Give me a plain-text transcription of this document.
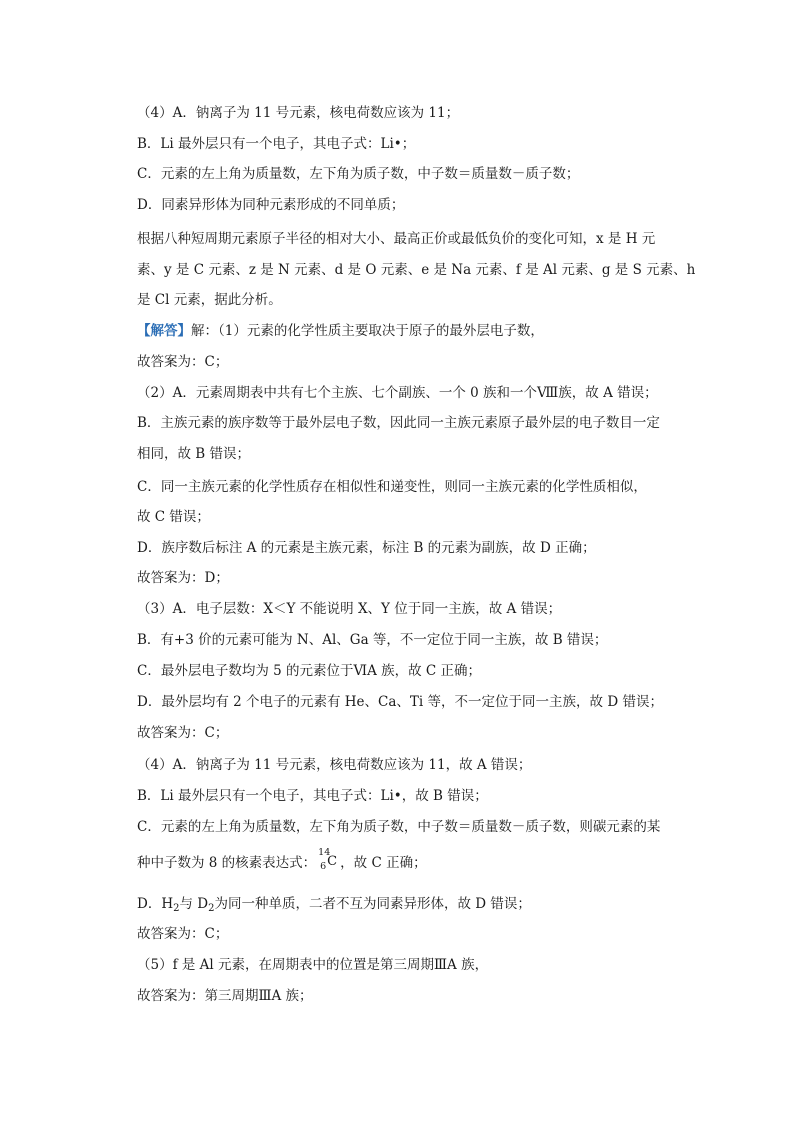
（4）A．钠离子为 11 号元素，核电荷数应该为 11；
B．Li 最外层只有一个电子，其电子式：Li•；
C．元素的左上角为质量数，左下角为质子数，中子数＝质量数－质子数；
D．同素异形体为同种元素形成的不同单质；
根据八种短周期元素原子半径的相对大小、最高正价或最低负价的变化可知，x 是 H 元
素、y 是 C 元素、z 是 N 元素、d 是 O 元素、e 是 Na 元素、f 是 Al 元素、g 是 S 元素、h
是 Cl 元素，据此分析。
【解答】解：（1）元素的化学性质主要取决于原子的最外层电子数，
故答案为：C；
（2）A．元素周期表中共有七个主族、七个副族、一个 0 族和一个Ⅷ族，故 A 错误；
B．主族元素的族序数等于最外层电子数，因此同一主族元素原子最外层的电子数目一定
相同，故 B 错误；
C．同一主族元素的化学性质存在相似性和递变性，则同一主族元素的化学性质相似，
故 C 错误；
D．族序数后标注 A 的元素是主族元素，标注 B 的元素为副族，故 D 正确；
故答案为：D；
（3）A．电子层数：X＜Y 不能说明 X、Y 位于同一主族，故 A 错误；
B．有+3 价的元素可能为 N、Al、Ga 等，不一定位于同一主族，故 B 错误；
C．最外层电子数均为 5 的元素位于ⅥA 族，故 C 正确；
D．最外层均有 2 个电子的元素有 He、Ca、Ti 等，不一定位于同一主族，故 D 错误；
故答案为：C；
（4）A．钠离子为 11 号元素，核电荷数应该为 11，故 A 错误；
B．Li 最外层只有一个电子，其电子式：Li•，故 B 错误；
C．元素的左上角为质量数，左下角为质子数，中子数＝质量数－质子数，则碳元素的某
种中子数为 8 的核素表达式：
14
6 C ，故 C 正确；
D．$H_2$与 $D_2$为同一种单质，二者不互为同素异形体，故 D 错误；
故答案为：C；
（5）f 是 Al 元素，在周期表中的位置是第三周期ⅢA 族，
故答案为：第三周期ⅢA 族；
